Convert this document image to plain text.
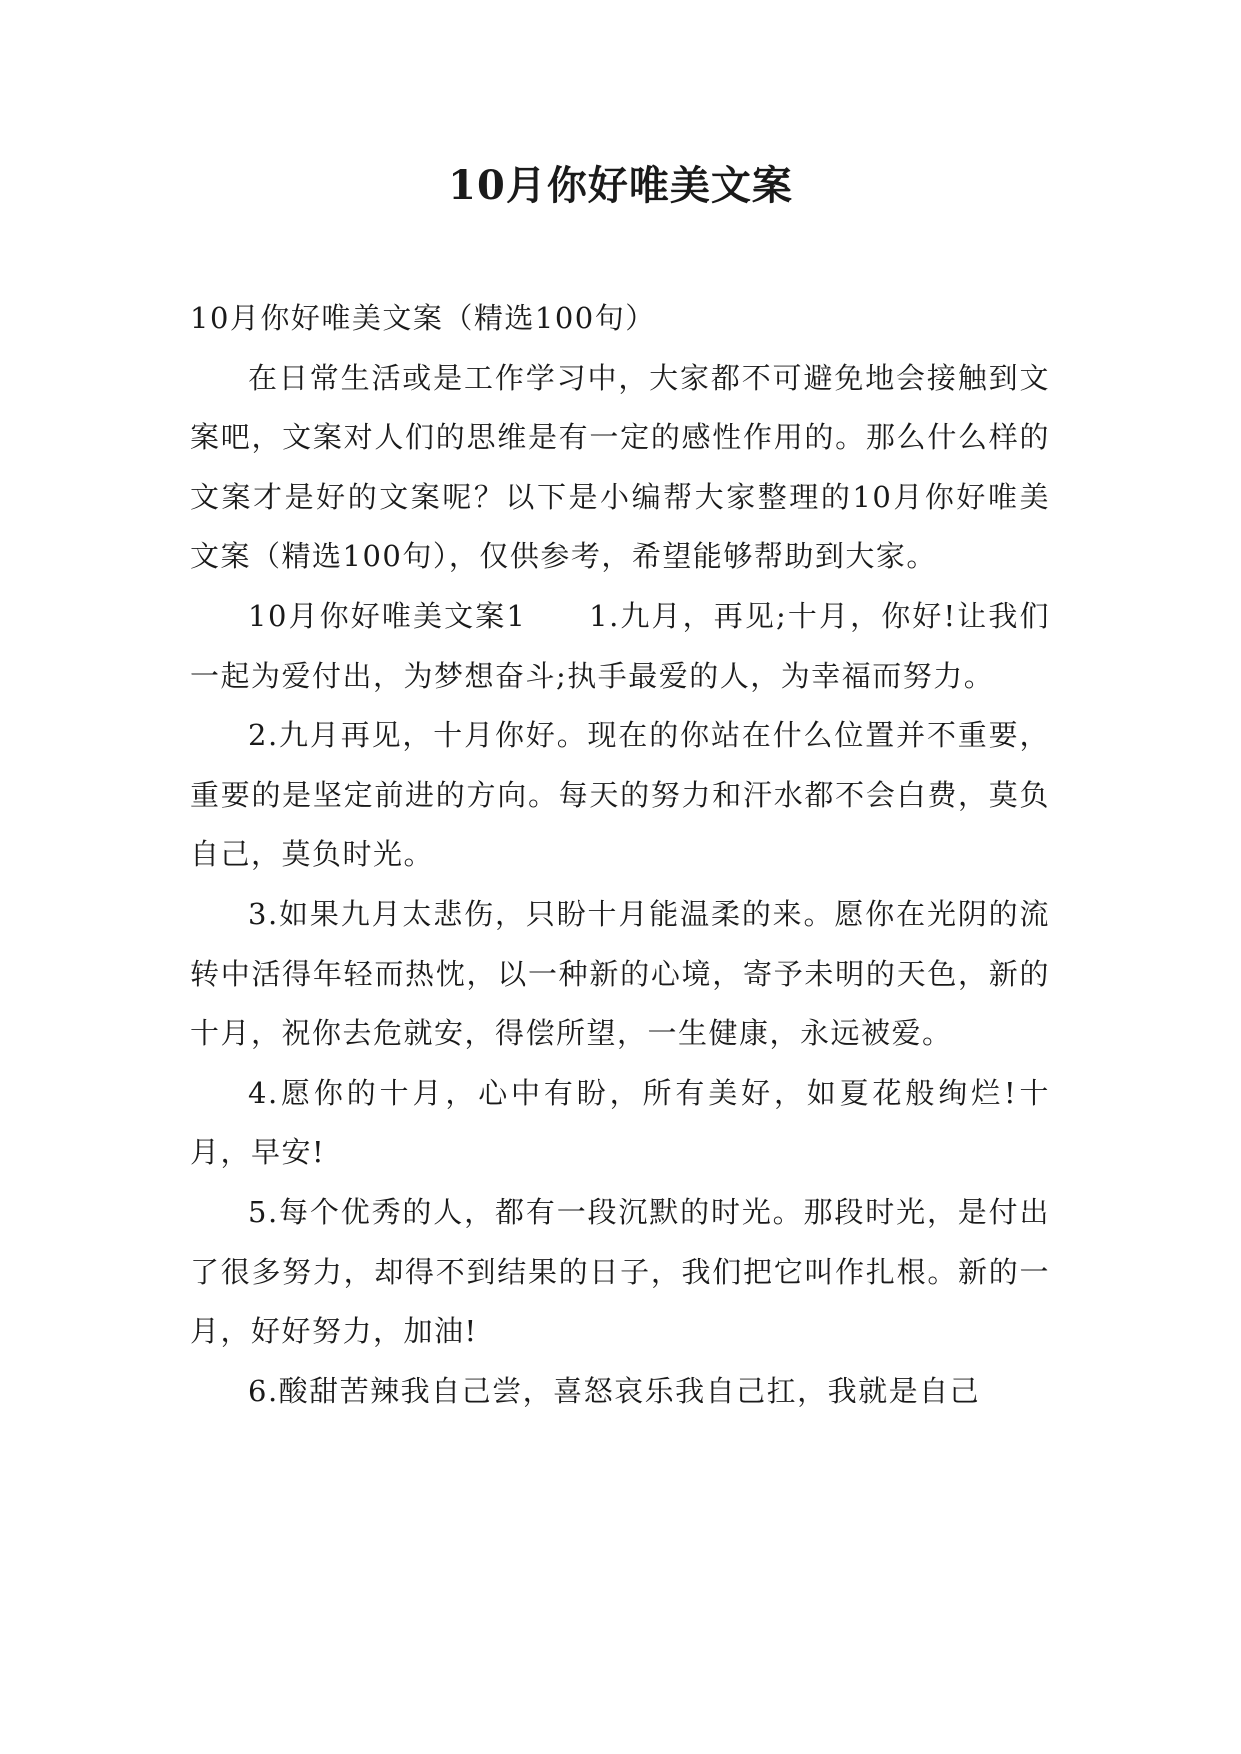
10月你好唯美文案

10月你好唯美文案（精选100句）

在日常生活或是工作学习中，大家都不可避免地会接触到文案吧，文案对人们的思维是有一定的感性作用的。那么什么样的文案才是好的文案呢？以下是小编帮大家整理的10月你好唯美文案（精选100句），仅供参考，希望能够帮助到大家。

10月你好唯美文案1　　1.九月，再见;十月，你好!让我们一起为爱付出，为梦想奋斗;执手最爱的人，为幸福而努力。

2.九月再见，十月你好。现在的你站在什么位置并不重要，重要的是坚定前进的方向。每天的努力和汗水都不会白费，莫负自己，莫负时光。

3.如果九月太悲伤，只盼十月能温柔的来。愿你在光阴的流转中活得年轻而热忱，以一种新的心境，寄予未明的天色，新的十月，祝你去危就安，得偿所望，一生健康，永远被爱。

4.愿你的十月，心中有盼，所有美好，如夏花般绚烂!十月，早安!

5.每个优秀的人，都有一段沉默的时光。那段时光，是付出了很多努力，却得不到结果的日子，我们把它叫作扎根。新的一月，好好努力，加油!

6.酸甜苦辣我自己尝，喜怒哀乐我自己扛，我就是自己
